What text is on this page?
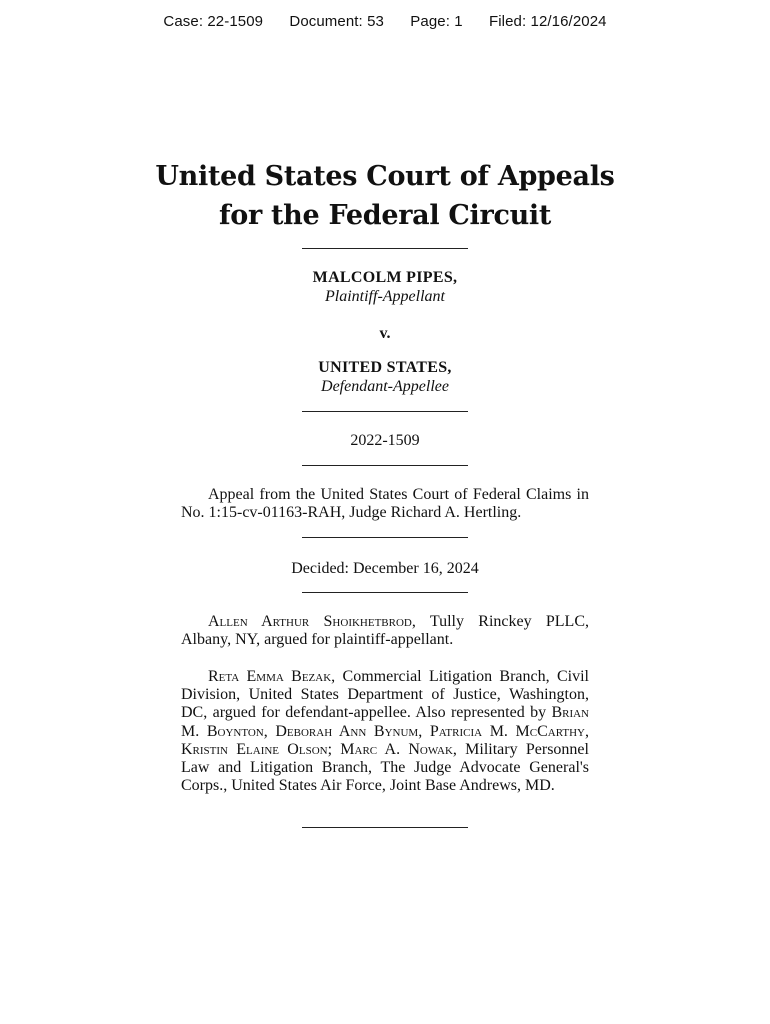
Case: 22-1509 Document: 53 Page: 1 Filed: 12/16/2024
United States Court of Appeals
for the Federal Circuit
MALCOLM PIPES,
Plaintiff-Appellant
v.
UNITED STATES,
Defendant-Appellee
2022-1509
Appeal from the United States Court of Federal Claims in No. 1:15-cv-01163-RAH, Judge Richard A. Hertling.
Decided: December 16, 2024
Allen Arthur Shoikhetbrod, Tully Rinckey PLLC, Albany, NY, argued for plaintiff-appellant.
Reta Emma Bezak, Commercial Litigation Branch, Civil Division, United States Department of Justice, Washington, DC, argued for defendant-appellee. Also represented by Brian M. Boynton, Deborah Ann Bynum, Patricia M. McCarthy, Kristin Elaine Olson; Marc A. Nowak, Military Personnel Law and Litigation Branch, The Judge Advocate General's Corps., United States Air Force, Joint Base Andrews, MD.
